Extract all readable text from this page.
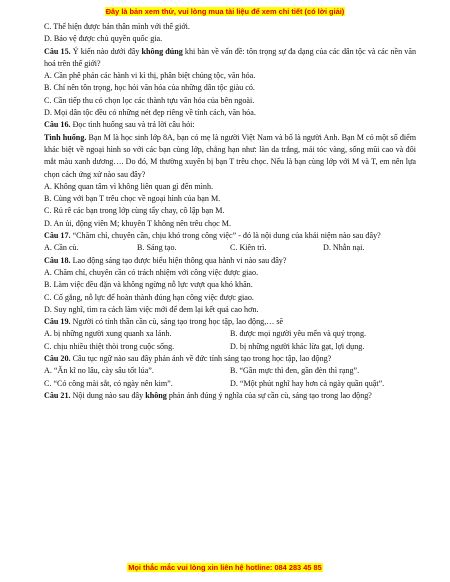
Đây là bản xem thử, vui lòng mua tài liệu để xem chi tiết (có lời giải)
C. Thể hiện được bản thân mình với thế giới.
D. Bảo vệ được chủ quyền quốc gia.
Câu 15. Ý kiến nào dưới đây không đúng khi bàn về vấn đề: tôn trọng sự đa dạng của các dân tộc và các nền văn hoá trên thế giới?
A. Cần phê phán các hành vi kì thị, phân biệt chủng tộc, văn hóa.
B. Chỉ nên tôn trọng, học hỏi văn hóa của những dân tộc giàu có.
C. Cần tiếp thu có chọn lọc các thành tựu văn hóa của bên ngoài.
D. Mọi dân tộc đều có những nét đẹp riêng về tính cách, văn hóa.
Câu 16. Đọc tình huống sau và trả lời câu hỏi:
Tình huống. Bạn M là học sinh lớp 8A, bạn có mẹ là người Việt Nam và bố là người Anh. Bạn M có một số điểm khác biệt về ngoại hình so với các bạn cùng lớp, chẳng hạn như: làn da trắng, mái tóc vàng, sống mũi cao và đôi mắt màu xanh dương…. Do đó, M thường xuyên bị bạn T trêu chọc. Nếu là bạn cùng lớp với M và T, em nên lựa chọn cách ứng xử nào sau đây?
A. Không quan tâm vì không liên quan gì đến mình.
B. Cùng với bạn T trêu chọc về ngoại hình của bạn M.
C. Rủ rê các bạn trong lớp cùng tẩy chay, cô lập bạn M.
D. An ủi, động viên M; khuyên T không nên trêu chọc M.
Câu 17. “Chăm chỉ, chuyên cần, chịu khó trong công việc” - đó là nội dung của khái niệm nào sau đây?
A. Cần cù.	B. Sáng tạo.	C. Kiên trì.	D. Nhẫn nại.
Câu 18. Lao động sáng tạo được biểu hiện thông qua hành vi nào sau đây?
A. Chăm chỉ, chuyên cần có trách nhiệm với công việc được giao.
B. Làm việc đều đặn và không ngừng nỗ lực vượt qua khó khăn.
C. Cố gắng, nỗ lực để hoàn thành đúng hạn công việc được giao.
D. Suy nghĩ, tìm ra cách làm việc mới để đem lại kết quả cao hơn.
Câu 19. Người có tính thần cần cù, sáng tạo trong học tập, lao động,… sẽ
A. bị những người xung quanh xa lánh.	B. được mọi người yêu mến và quý trọng.
C. chịu nhiều thiệt thòi trong cuộc sống.	D. bị những người khác lừa gạt, lợi dụng.
Câu 20. Câu tục ngữ nào sau đây phản ánh về đức tính sáng tạo trong học tập, lao động?
A. “Ăn kĩ no lâu, cày sâu tốt lúa”.	B. “Gần mực thì đen, gần đèn thì rạng”.
C. “Có công mài sắt, có ngày nên kim”.	D. “Một phút nghĩ hay hơn cả ngày quần quật”.
Câu 21. Nội dung nào sau đây không phản ánh đúng ý nghĩa của sự cần cù, sáng tạo trong lao động?
Mọi thắc mắc vui lòng xin liên hệ hotline: 084 283 45 85
